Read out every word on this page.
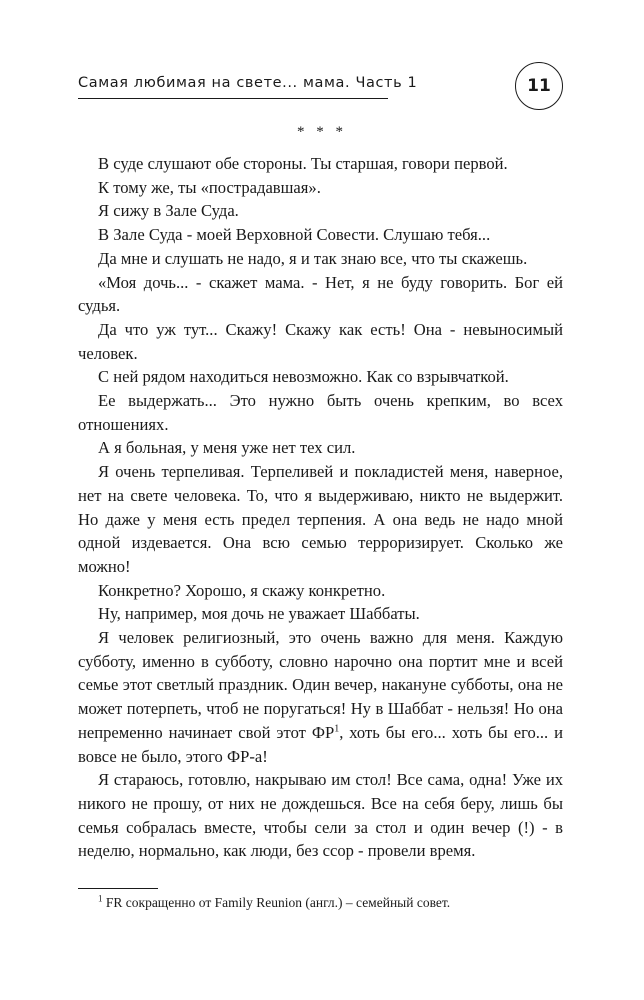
Самая любимая на свете... мама. Часть 1	11
* * *

В суде слушают обе стороны. Ты старшая, говори первой.

К тому же, ты «пострадавшая».

Я сижу в Зале Суда.

В Зале Суда - моей Верховной Совести. Слушаю тебя...

Да мне и слушать не надо, я и так знаю все, что ты скажешь.

«Моя дочь... - скажет мама. - Нет, я не буду говорить. Бог ей судья.

Да что уж тут... Скажу! Скажу как есть! Она - невыносимый человек.

С ней рядом находиться невозможно. Как со взрывчаткой.

Ее выдержать... Это нужно быть очень крепким, во всех отношениях.

А я больная, у меня уже нет тех сил.

Я очень терпеливая. Терпеливей и покладистей меня, наверное, нет на свете человека. То, что я выдерживаю, никто не выдержит. Но даже у меня есть предел терпения. А она ведь не надо мной одной издевается. Она всю семью терроризирует. Сколько же можно!

Конкретно? Хорошо, я скажу конкретно.

Ну, например, моя дочь не уважает Шаббаты.

Я человек религиозный, это очень важно для меня. Каждую субботу, именно в субботу, словно нарочно она портит мне и всей семье этот светлый праздник. Один вечер, накануне субботы, она не может потерпеть, чтоб не поругаться! Ну в Шаббат - нельзя! Но она непременно начинает свой этот $ФР^1$, хоть бы его... хоть бы его... и вовсе не было, этого ФР-а!

Я стараюсь, готовлю, накрываю им стол! Все сама, одна! Уже их никого не прошу, от них не дождешься. Все на себя беру, лишь бы семья собралась вместе, чтобы сели за стол и один вечер (!) - в неделю, нормально, как люди, без ссор - провели время.

$^1$ FR сокращенно от Family Reunion (англ.) – семейный совет.
